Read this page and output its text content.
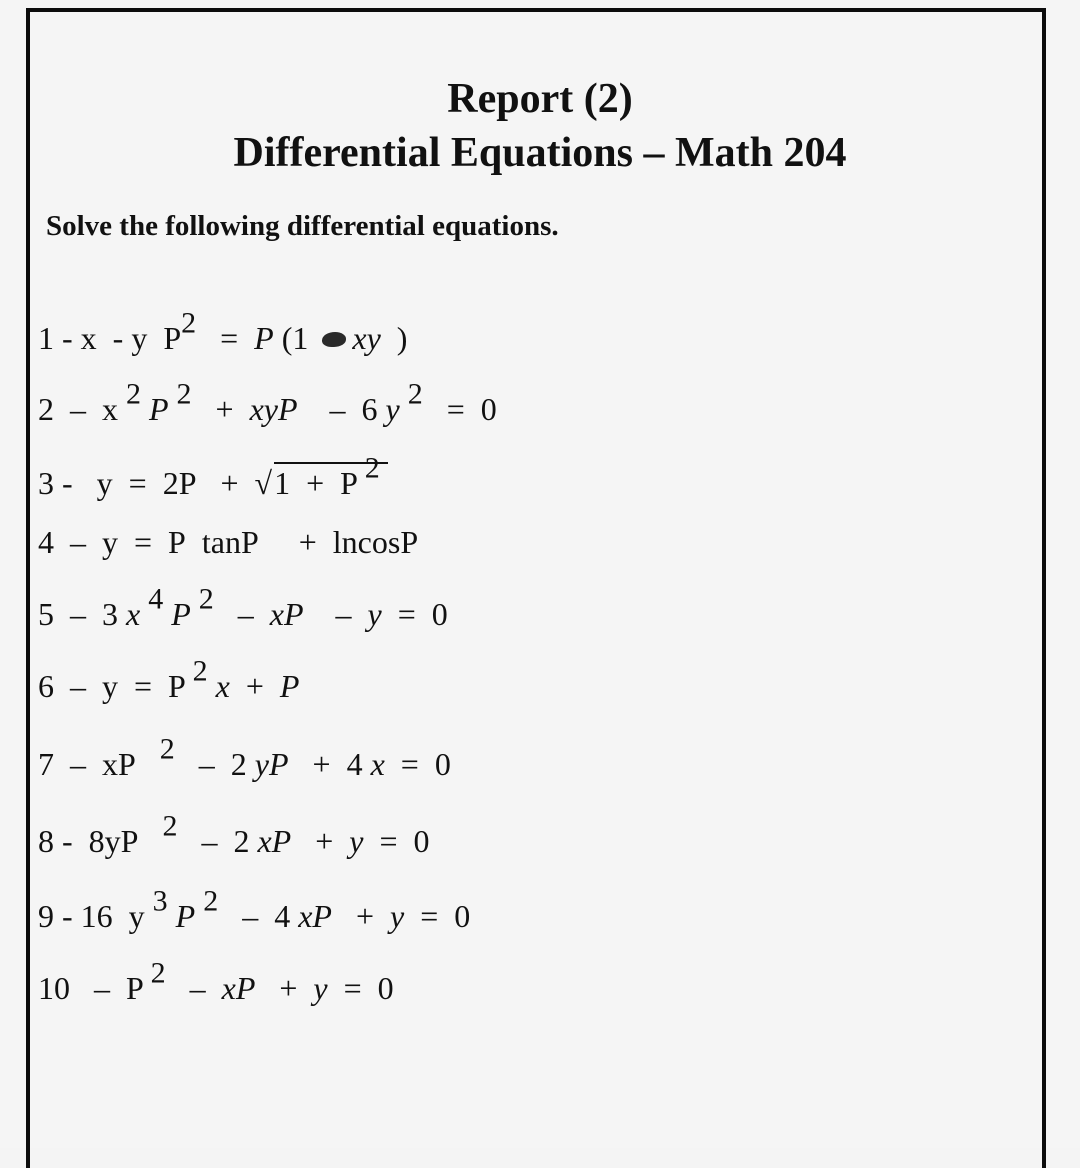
Report (2)
Differential Equations – Math 204

Solve the following differential equations.

1 - x  - y  $P^2 = P$ (1 xy  )
2 –  x $^2$ P $^2$   +  xyP    –  6 y $^2$   =  0
3 -   y  =  2P   +  √1  +  P $^2$
4 –  y  =  P  tanP     +  lncosP
5 –  3 x $^4$ P $^2$   –  xP    –  y  =  0
6 –  y  =  P $^2$ x  +  P
7 –  xP   $^2$   –  2 yP   +  4 x  =  0
8 -  8yP   $^2$   –  2 xP   +  y  =  0
9 - 16  y $^3$ P $^2$   –  4 xP   +  y  =  0
10 –  P $^2$   –  xP   +  y  =  0
